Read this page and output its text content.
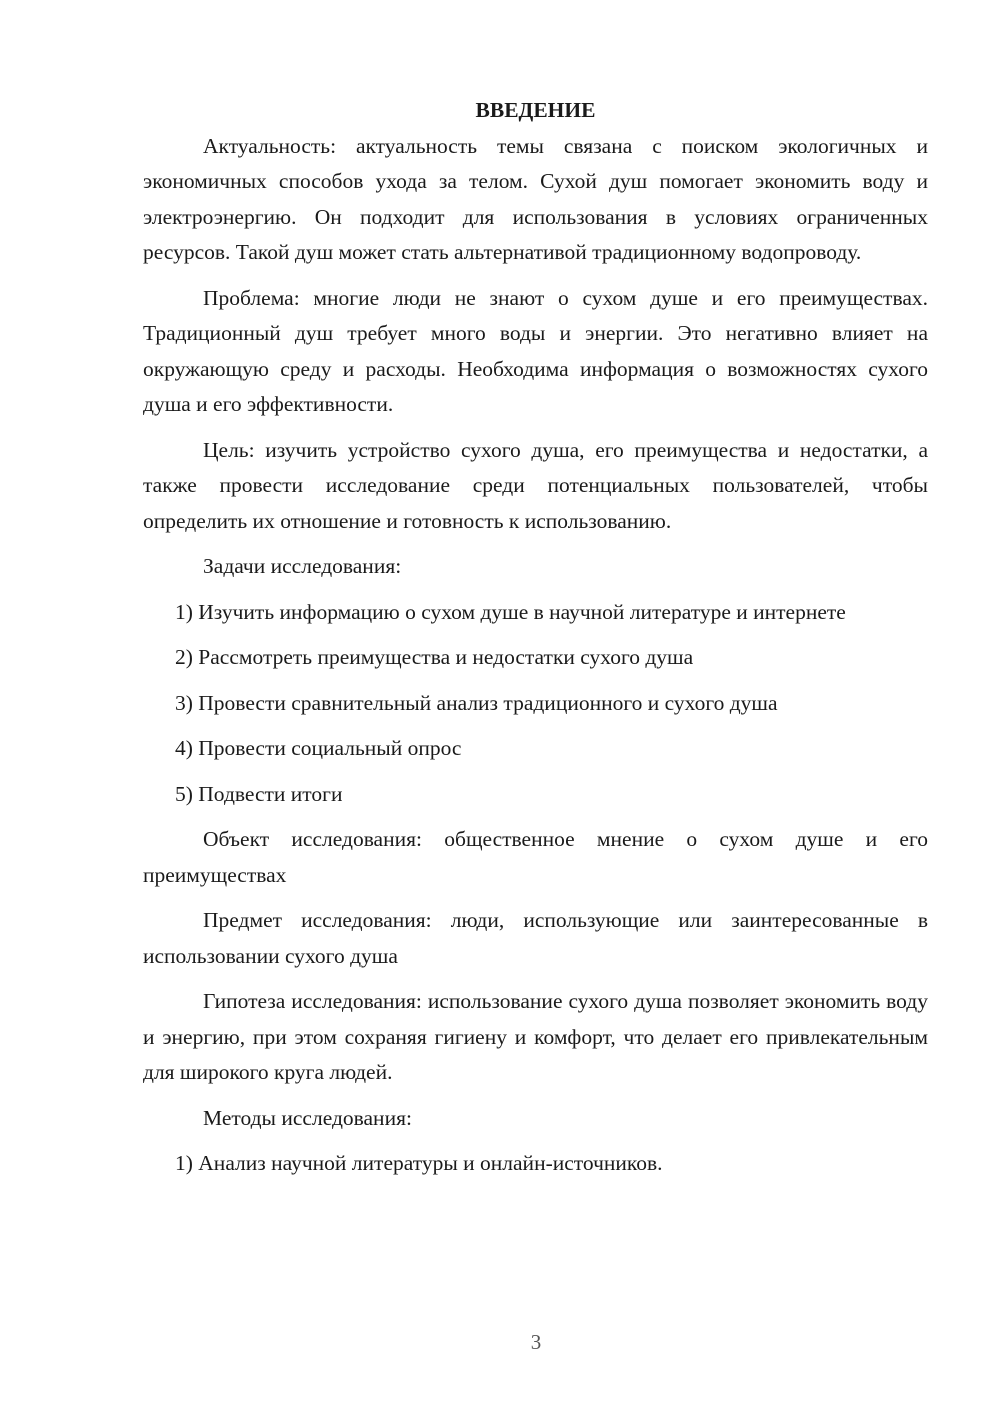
ВВЕДЕНИЕ

Актуальность: актуальность темы связана с поиском экологичных и экономичных способов ухода за телом. Сухой душ помогает экономить воду и электроэнергию. Он подходит для использования в условиях ограниченных ресурсов. Такой душ может стать альтернативой традиционному водопроводу.

Проблема: многие люди не знают о сухом душе и его преимуществах. Традиционный душ требует много воды и энергии. Это негативно влияет на окружающую среду и расходы. Необходима информация о возможностях сухого душа и его эффективности.

Цель: изучить устройство сухого душа, его преимущества и недостатки, а также провести исследование среди потенциальных пользователей, чтобы определить их отношение и готовность к использованию.

Задачи исследования:

1) Изучить информацию о сухом душе в научной литературе и интернете

2) Рассмотреть преимущества и недостатки сухого душа

3) Провести сравнительный анализ традиционного и сухого душа

4) Провести социальный опрос

5) Подвести итоги

Объект исследования: общественное мнение о сухом душе и его преимуществах

Предмет исследования: люди, использующие или заинтересованные в использовании сухого душа

Гипотеза исследования: использование сухого душа позволяет экономить воду и энергию, при этом сохраняя гигиену и комфорт, что делает его привлекательным для широкого круга людей.

Методы исследования:

1) Анализ научной литературы и онлайн-источников.

3
